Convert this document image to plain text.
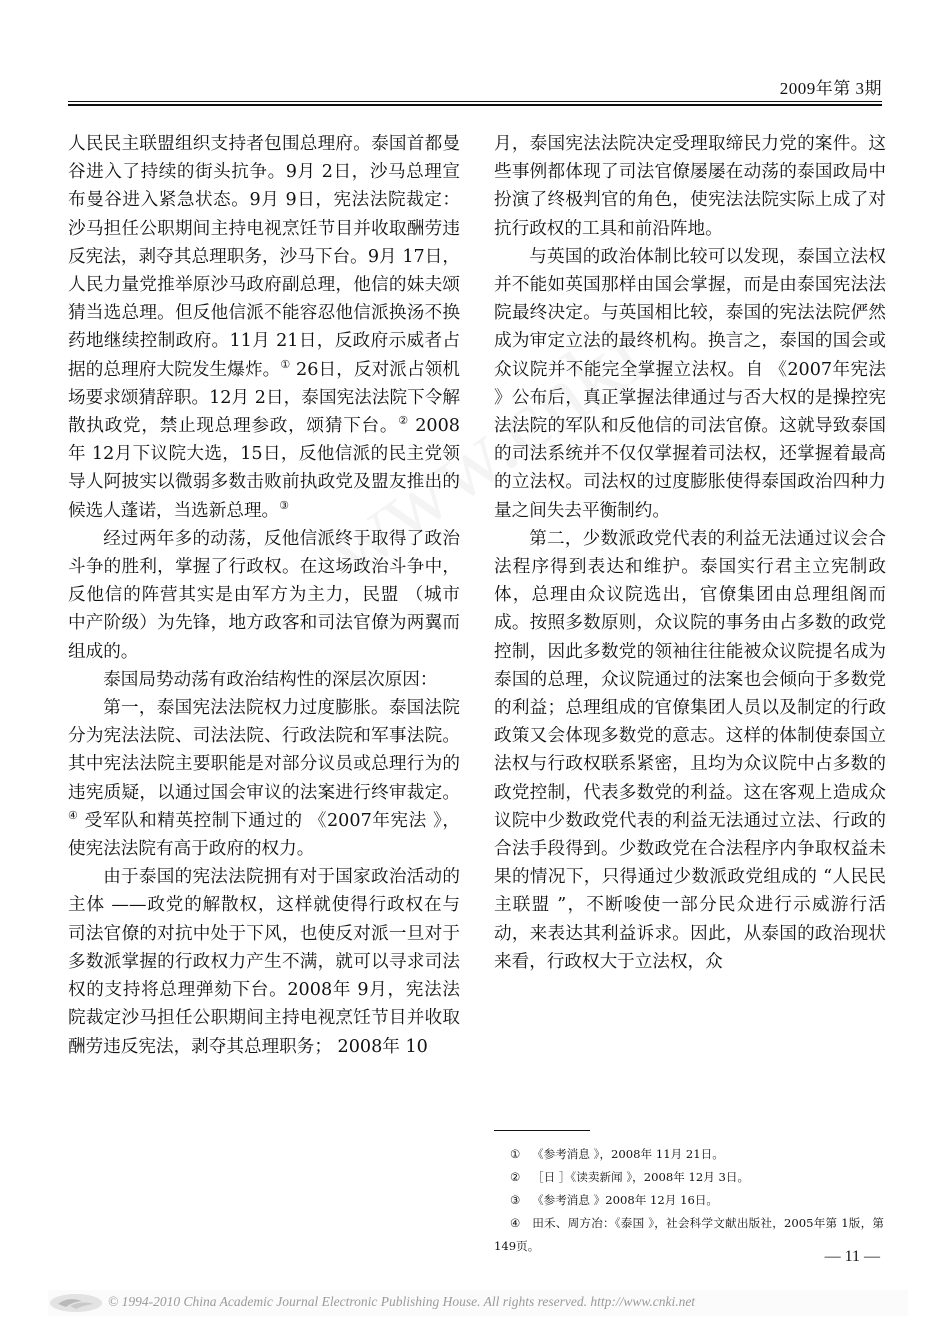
2009年第 3期

人民民主联盟组织支持者包围总理府。泰国首都曼谷进入了持续的街头抗争。9月 2日，沙马总理宣布曼谷进入紧急状态。9月 9日，宪法法院裁定：沙马担任公职期间主持电视烹饪节目并收取酬劳违反宪法，剥夺其总理职务，沙马下台。9月 17日，人民力量党推举原沙马政府副总理，他信的妹夫颂猜当选总理。但反他信派不能容忍他信派换汤不换药地继续控制政府。11月 21日，反政府示威者占据的总理府大院发生爆炸。① 26日，反对派占领机场要求颂猜辞职。12月 2日，泰国宪法法院下令解散执政党，禁止现总理参政，颂猜下台。② 2008年 12月下议院大选，15日，反他信派的民主党领导人阿披实以微弱多数击败前执政党及盟友推出的候选人蓬诺，当选新总理。③

经过两年多的动荡，反他信派终于取得了政治斗争的胜利，掌握了行政权。在这场政治斗争中，反他信的阵营其实是由军方为主力，民盟 （城市中产阶级）为先锋，地方政客和司法官僚为两翼而组成的。

泰国局势动荡有政治结构性的深层次原因：

第一，泰国宪法法院权力过度膨胀。泰国法院分为宪法法院、司法法院、行政法院和军事法院。其中宪法法院主要职能是对部分议员或总理行为的违宪质疑，以通过国会审议的法案进行终审裁定。④ 受军队和精英控制下通过的 《2007年宪法 》，使宪法法院有高于政府的权力。

由于泰国的宪法法院拥有对于国家政治活动的主体 ——政党的解散权，这样就使得行政权在与司法官僚的对抗中处于下风，也使反对派一旦对于多数派掌握的行政权力产生不满，就可以寻求司法权的支持将总理弹劾下台。2008年 9月，宪法法院裁定沙马担任公职期间主持电视烹饪节目并收取酬劳违反宪法，剥夺其总理职务； 2008年 10

月，泰国宪法法院决定受理取缔民力党的案件。这些事例都体现了司法官僚屡屡在动荡的泰国政局中扮演了终极判官的角色，使宪法法院实际上成了对抗行政权的工具和前沿阵地。

与英国的政治体制比较可以发现，泰国立法权并不能如英国那样由国会掌握，而是由泰国宪法法院最终决定。与英国相比较，泰国的宪法法院俨然成为审定立法的最终机构。换言之，泰国的国会或众议院并不能完全掌握立法权。自 《2007年宪法 》公布后，真正掌握法律通过与否大权的是操控宪法法院的军队和反他信的司法官僚。这就导致泰国的司法系统并不仅仅掌握着司法权，还掌握着最高的立法权。司法权的过度膨胀使得泰国政治四种力量之间失去平衡制约。

第二，少数派政党代表的利益无法通过议会合法程序得到表达和维护。泰国实行君主立宪制政体，总理由众议院选出，官僚集团由总理组阁而成。按照多数原则，众议院的事务由占多数的政党控制，因此多数党的领袖往往能被众议院提名成为泰国的总理，众议院通过的法案也会倾向于多数党的利益；总理组成的官僚集团人员以及制定的行政政策又会体现多数党的意志。这样的体制使泰国立法权与行政权联系紧密，且均为众议院中占多数的政党控制，代表多数党的利益。这在客观上造成众议院中少数政党代表的利益无法通过立法、行政的合法手段得到。少数政党在合法程序内争取权益未果的情况下，只得通过少数派政党组成的 “人民民主联盟 ”，不断唆使一部分民众进行示威游行活动，来表达其利益诉求。因此，从泰国的政治现状来看，行政权大于立法权，众

① 《参考消息 》，2008年 11月 21日。

② ［日 ］《读卖新闻 》，2008年 12月 3日。

③ 《参考消息 》2008年 12月 16日。

④ 田禾、周方冶：《泰国 》，社会科学文献出版社，2005年第 1版，第 149页。

— 11 —
© 1994-2010 China Academic Journal Electronic Publishing House. All rights reserved. http://www.cnki.net
